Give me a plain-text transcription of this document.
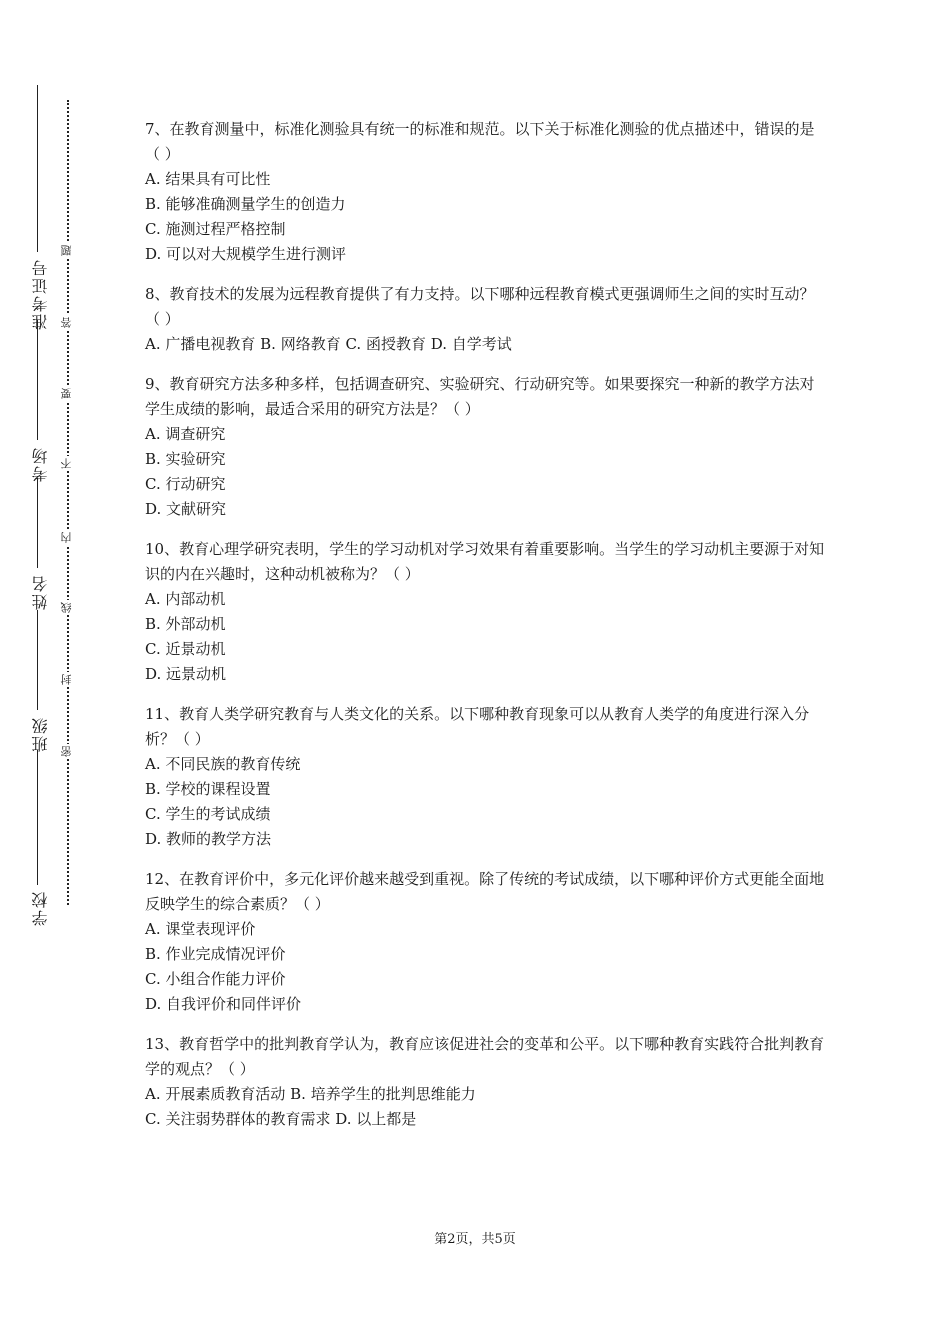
准考证号
考场
姓名
班级
学校
题
答
要
不
内
线
封
密

7、在教育测量中，标准化测验具有统一的标准和规范。以下关于标准化测验的优点描述中，错误的是（ ）

A. 结果具有可比性

B. 能够准确测量学生的创造力

C. 施测过程严格控制

D. 可以对大规模学生进行测评

8、教育技术的发展为远程教育提供了有力支持。以下哪种远程教育模式更强调师生之间的实时互动？（ ）

A. 广播电视教育 B. 网络教育 C. 函授教育 D. 自学考试

9、教育研究方法多种多样，包括调查研究、实验研究、行动研究等。如果要探究一种新的教学方法对学生成绩的影响，最适合采用的研究方法是？（ ）

A. 调查研究

B. 实验研究

C. 行动研究

D. 文献研究

10、教育心理学研究表明，学生的学习动机对学习效果有着重要影响。当学生的学习动机主要源于对知识的内在兴趣时，这种动机被称为？（ ）

A. 内部动机

B. 外部动机

C. 近景动机

D. 远景动机

11、教育人类学研究教育与人类文化的关系。以下哪种教育现象可以从教育人类学的角度进行深入分析？（ ）

A. 不同民族的教育传统

B. 学校的课程设置

C. 学生的考试成绩

D. 教师的教学方法

12、在教育评价中，多元化评价越来越受到重视。除了传统的考试成绩，以下哪种评价方式更能全面地反映学生的综合素质？（ ）

A. 课堂表现评价

B. 作业完成情况评价

C. 小组合作能力评价

D. 自我评价和同伴评价

13、教育哲学中的批判教育学认为，教育应该促进社会的变革和公平。以下哪种教育实践符合批判教育学的观点？（ ）

A. 开展素质教育活动 B. 培养学生的批判思维能力

C. 关注弱势群体的教育需求 D. 以上都是

第2页，共5页
